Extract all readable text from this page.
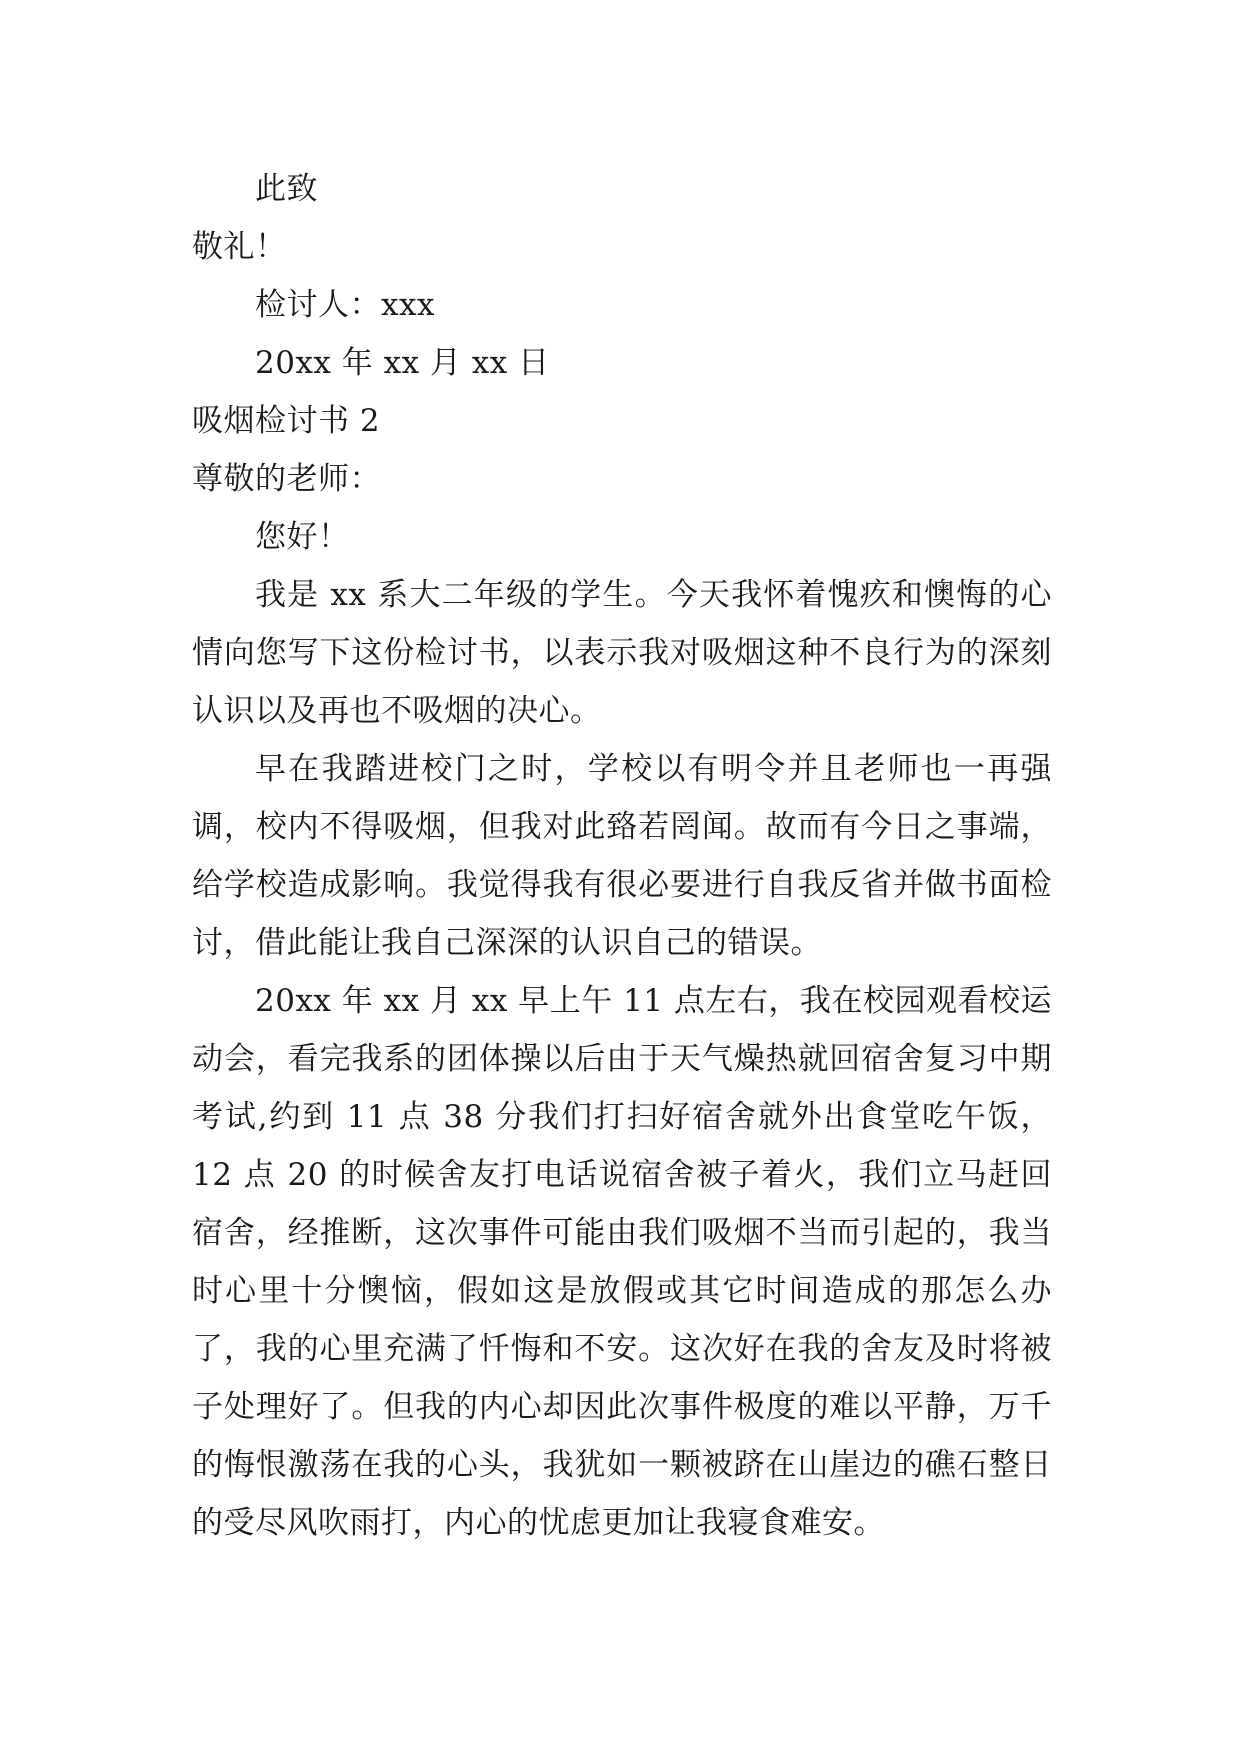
此致

敬礼！

检讨人：xxx

20xx 年 xx 月 xx 日

吸烟检讨书 2

尊敬的老师：

您好！

我是 xx 系大二年级的学生。今天我怀着愧疚和懊悔的心情向您写下这份检讨书，以表示我对吸烟这种不良行为的深刻认识以及再也不吸烟的决心。

早在我踏进校门之时，学校以有明令并且老师也一再强调，校内不得吸烟，但我对此臵若罔闻。故而有今日之事端，给学校造成影响。我觉得我有很必要进行自我反省并做书面检讨，借此能让我自己深深的认识自己的错误。

20xx 年 xx 月 xx 早上午 11 点左右，我在校园观看校运动会，看完我系的团体操以后由于天气燥热就回宿舍复习中期考试,约到 11 点 38 分我们打扫好宿舍就外出食堂吃午饭，12 点 20 的时候舍友打电话说宿舍被子着火，我们立马赶回宿舍，经推断，这次事件可能由我们吸烟不当而引起的，我当时心里十分懊恼，假如这是放假或其它时间造成的那怎么办了，我的心里充满了忏悔和不安。这次好在我的舍友及时将被子处理好了。但我的内心却因此次事件极度的难以平静，万千的悔恨激荡在我的心头，我犹如一颗被跻在山崖边的礁石整日的受尽风吹雨打，内心的忧虑更加让我寝食难安。
